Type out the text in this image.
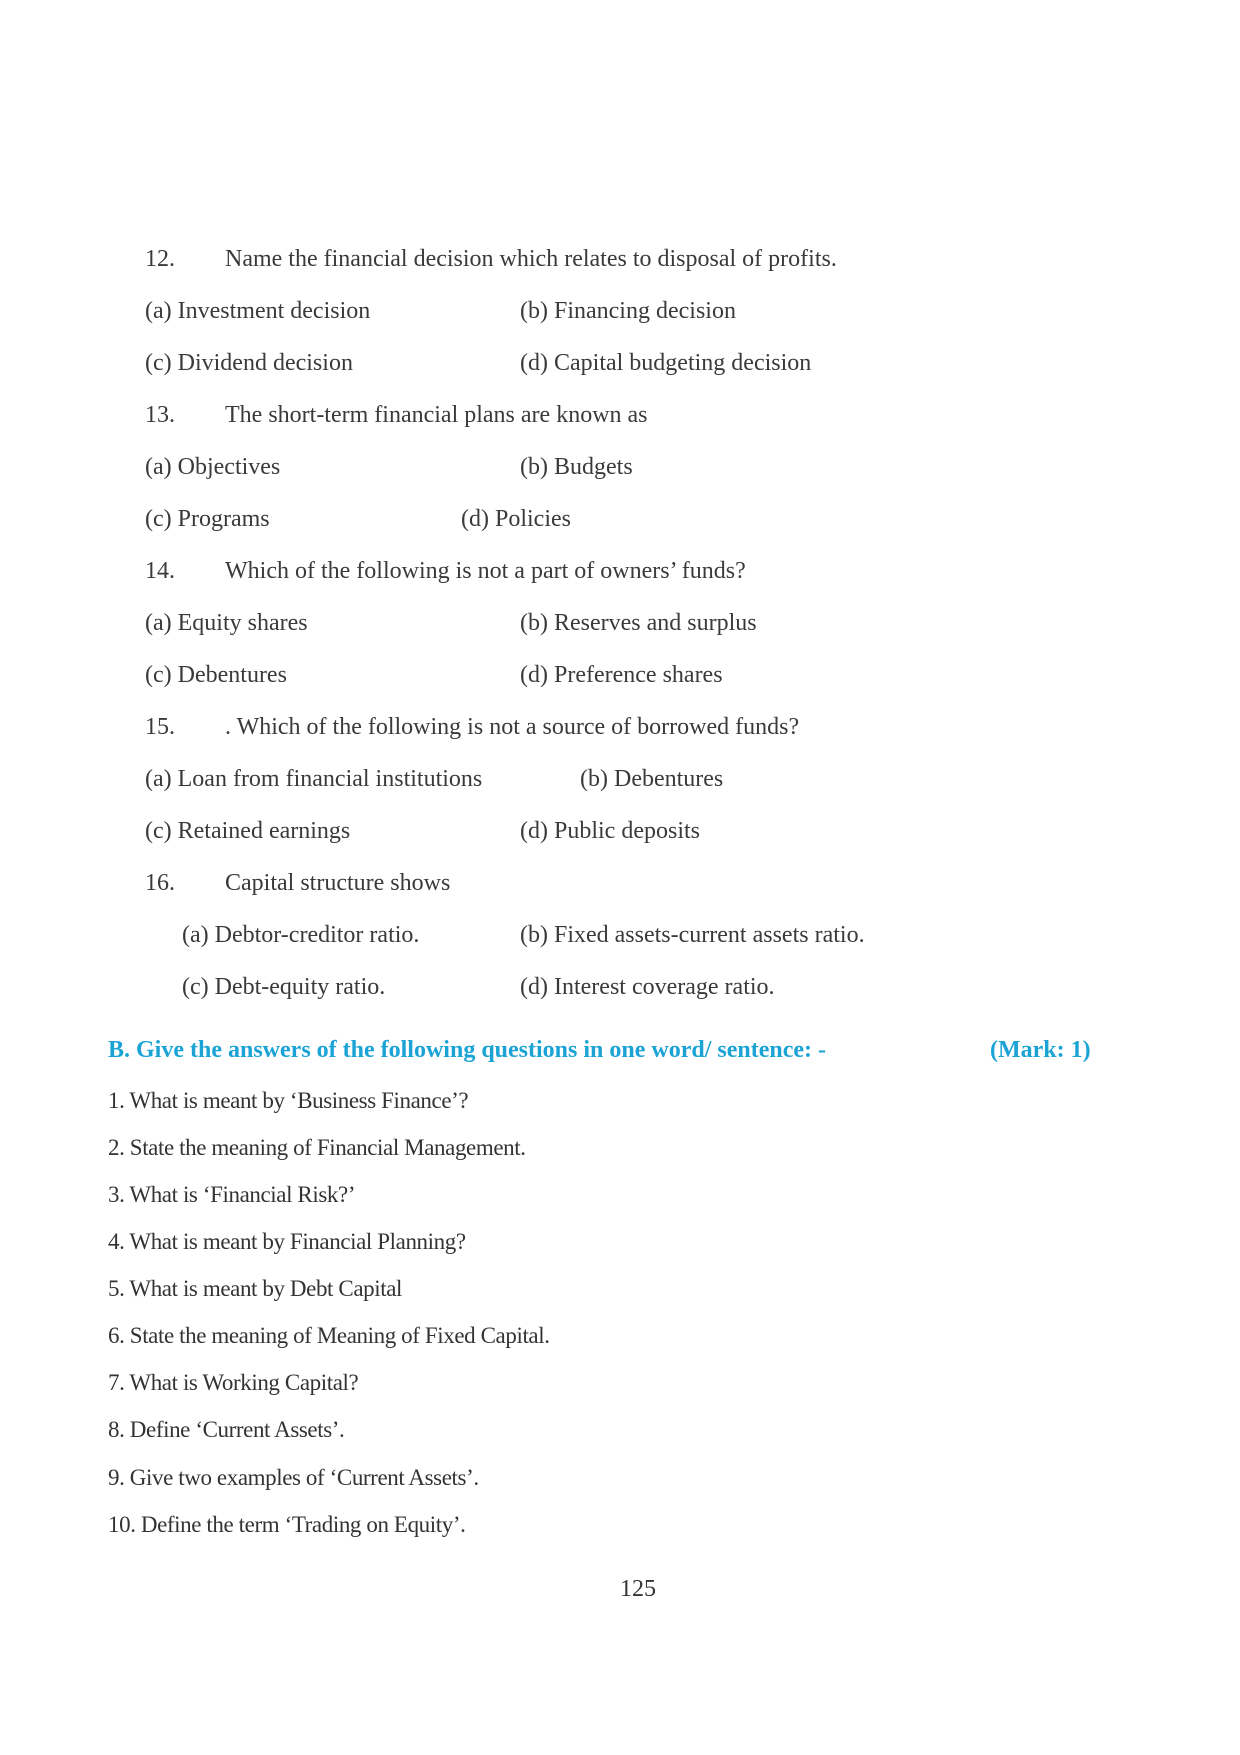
12. Name the financial decision which relates to disposal of profits.
(a) Investment decision	(b) Financing decision
(c) Dividend decision	(d) Capital budgeting decision
13. The short-term financial plans are known as
(a) Objectives	(b) Budgets
(c) Programs	(d) Policies
14. Which of the following is not a part of owners’ funds?
(a) Equity shares	(b) Reserves and surplus
(c) Debentures	(d) Preference shares
15. . Which of the following is not a source of borrowed funds?
(a) Loan from financial institutions	(b) Debentures
(c) Retained earnings	(d) Public deposits
16. Capital structure shows
(a) Debtor-creditor ratio.	(b) Fixed assets-current assets ratio.
(c) Debt-equity ratio.	(d) Interest coverage ratio.
B. Give the answers of the following questions in one word/ sentence: -	(Mark: 1)
1. What is meant by ‘Business Finance’?
2. State the meaning of Financial Management.
3. What is ‘Financial Risk?’
4. What is meant by Financial Planning?
5. What is meant by Debt Capital
6. State the meaning of Meaning of Fixed Capital.
7. What is Working Capital?
8. Define ‘Current Assets’.
9. Give two examples of ‘Current Assets’.
10. Define the term ‘Trading on Equity’.
125
